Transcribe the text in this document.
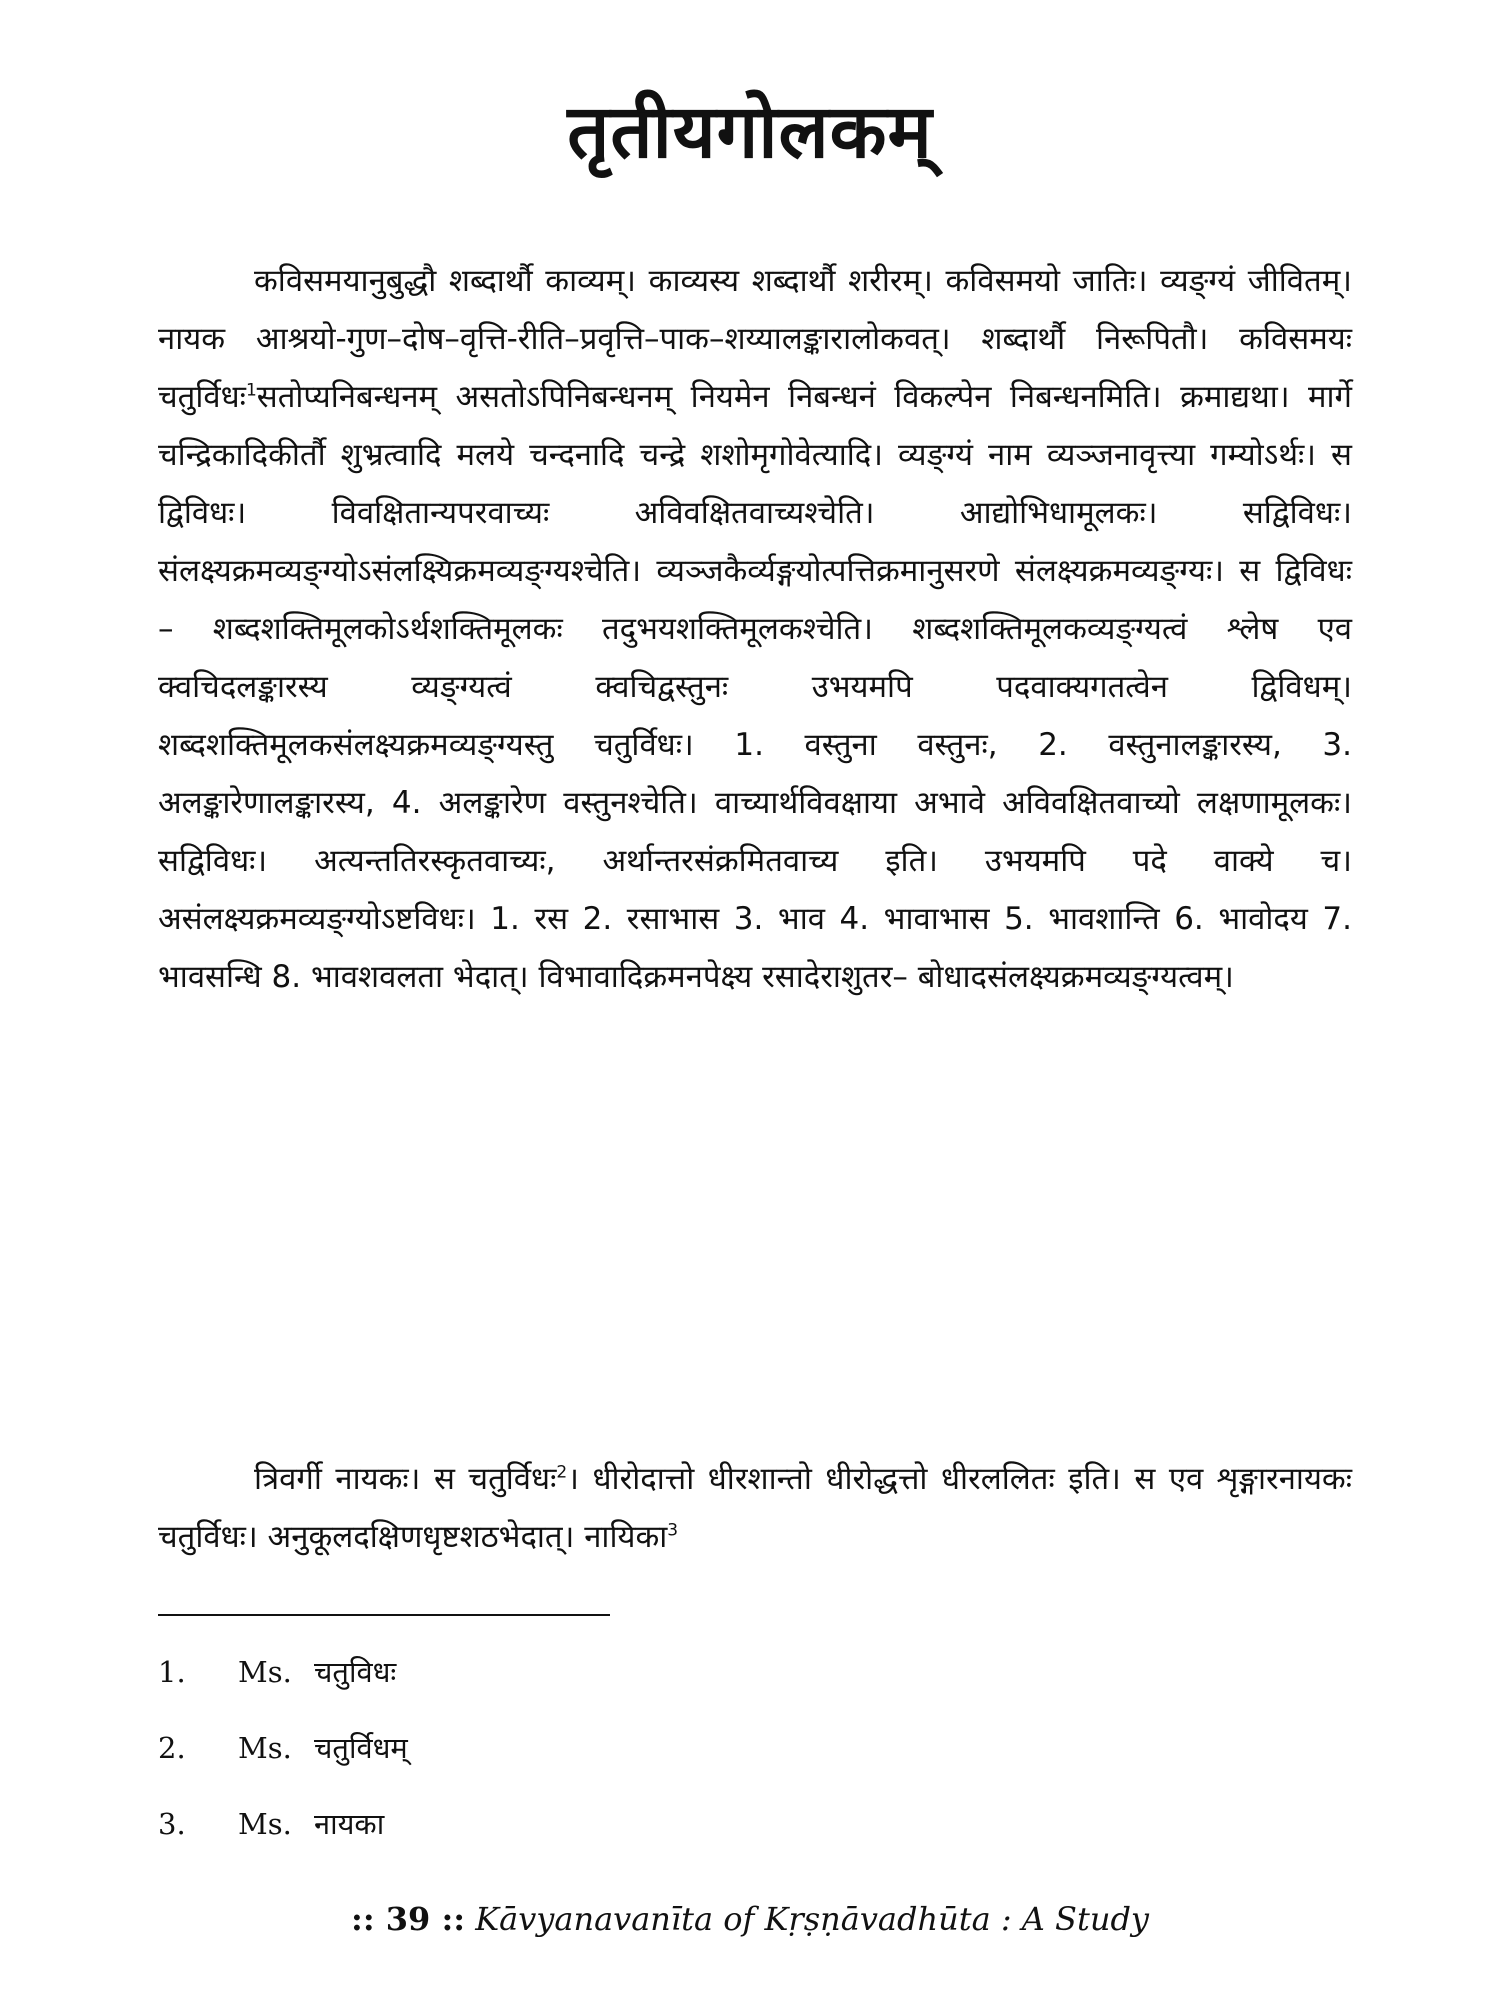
तृतीयगोलकम्
कविसमयानुबुद्धौ शब्दार्थौ काव्यम्। काव्यस्य शब्दार्थौ शरीरम्। कविसमयो जातिः। व्यङ्ग्यं जीवितम्। नायक आश्रयो-गुण–दोष–वृत्ति-रीति–प्रवृत्ति–पाक–शय्यालङ्कारालोकवत्। शब्दार्थौ निरूपितौ। कविसमयः चतुर्विधः$^1$सतोप्यनिबन्धनम् असतोऽपिनिबन्धनम् नियमेन निबन्धनं विकल्पेन निबन्धनमिति। क्रमाद्यथा। मार्गे चन्द्रिकादिकीर्तौ शुभ्रत्वादि मलये चन्दनादि चन्द्रे शशोमृगोवेत्यादि। व्यङ्ग्यं नाम व्यञ्जनावृत्त्या गम्योऽर्थः। स द्विविधः। विवक्षितान्यपरवाच्यः अविवक्षितवाच्यश्चेति। आद्योभिधामूलकः। सद्विविधः। संलक्ष्यक्रमव्यङ्ग्योऽसंलक्ष्यिक्रमव्यङ्ग्यश्चेति। व्यञ्जकैर्व्यङ्गयोत्पत्तिक्रमानुसरणे संलक्ष्यक्रमव्यङ्ग्यः। स द्विविधः – शब्दशक्तिमूलकोऽर्थशक्तिमूलकः तदुभयशक्तिमूलकश्चेति। शब्दशक्तिमूलकव्यङ्ग्यत्वं श्लेष एव क्वचिदलङ्कारस्य व्यङ्ग्यत्वं क्वचिद्वस्तुनः उभयमपि पदवाक्यगतत्वेन द्विविधम्। शब्दशक्तिमूलकसंलक्ष्यक्रमव्यङ्ग्यस्तु चतुर्विधः। 1. वस्तुना वस्तुनः, 2. वस्तुनालङ्कारस्य, 3. अलङ्कारेणालङ्कारस्य, 4. अलङ्कारेण वस्तुनश्चेति। वाच्यार्थविवक्षाया अभावे अविवक्षितवाच्यो लक्षणामूलकः। सद्विविधः। अत्यन्ततिरस्कृतवाच्यः, अर्थान्तरसंक्रमितवाच्य इति। उभयमपि पदे वाक्ये च। असंलक्ष्यक्रमव्यङ्ग्योऽष्टविधः। 1. रस 2. रसाभास 3. भाव 4. भावाभास 5. भावशान्ति 6. भावोदय 7. भावसन्धि 8. भावशवलता भेदात्। विभावादिक्रमनपेक्ष्य रसादेराशुतर– बोधादसंलक्ष्यक्रमव्यङ्ग्यत्वम्।
त्रिवर्गी नायकः। स चतुर्विधः$^2$। धीरोदात्तो धीरशान्तो धीरोद्धत्तो धीरललितः इति। स एव शृङ्गारनायकः चतुर्विधः। अनुकूलदक्षिणधृष्टशठभेदात्। नायिका$^3$
1.	Ms. चतुविधः
2.	Ms. चतुर्विधम्
3.	Ms. नायका
:: 39 :: Kāvyanavanīta of Kṛṣṇāvadhūta : A Study
